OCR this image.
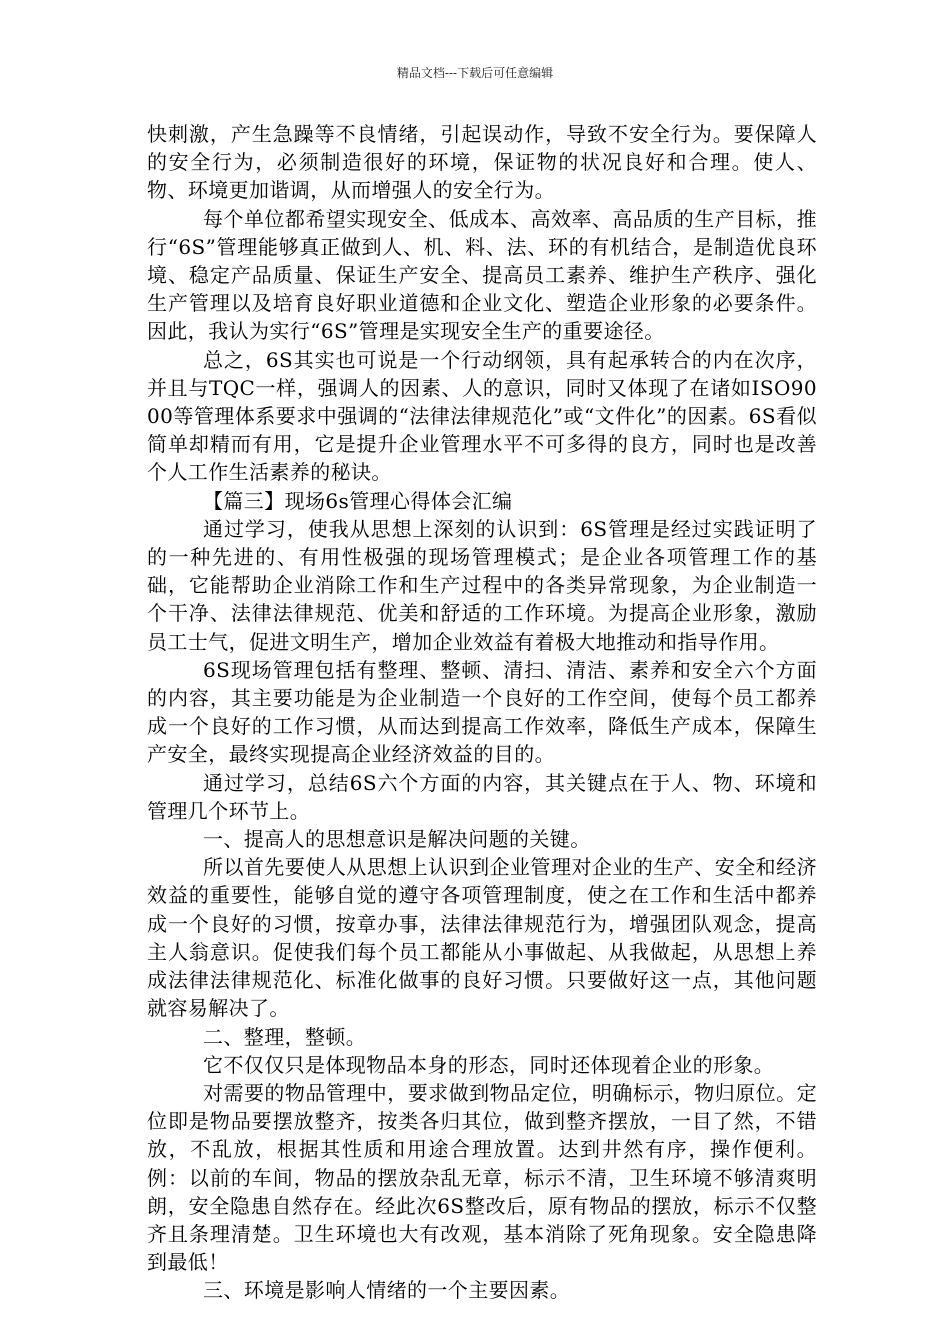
精品文档---下载后可任意编辑

快刺激，产生急躁等不良情绪，引起误动作，导致不安全行为。要保障人的安全行为，必须制造很好的环境，保证物的状况良好和合理。使人、物、环境更加谐调，从而增强人的安全行为。

每个单位都希望实现安全、低成本、高效率、高品质的生产目标，推行“6S”管理能够真正做到人、机、料、法、环的有机结合，是制造优良环境、稳定产品质量、保证生产安全、提高员工素养、维护生产秩序、强化生产管理以及培育良好职业道德和企业文化、塑造企业形象的必要条件。因此，我认为实行“6S”管理是实现安全生产的重要途径。

总之，6S其实也可说是一个行动纲领，具有起承转合的内在次序，并且与TQC一样，强调人的因素、人的意识，同时又体现了在诸如ISO9000等管理体系要求中强调的“法律法律规范化”或“文件化”的因素。6S看似简单却精而有用，它是提升企业管理水平不可多得的良方，同时也是改善个人工作生活素养的秘诀。

【篇三】现场6s管理心得体会汇编

通过学习，使我从思想上深刻的认识到：6S管理是经过实践证明了的一种先进的、有用性极强的现场管理模式；是企业各项管理工作的基础，它能帮助企业消除工作和生产过程中的各类异常现象，为企业制造一个干净、法律法律规范、优美和舒适的工作环境。为提高企业形象，激励员工士气，促进文明生产，增加企业效益有着极大地推动和指导作用。

6S现场管理包括有整理、整顿、清扫、清洁、素养和安全六个方面的内容，其主要功能是为企业制造一个良好的工作空间，使每个员工都养成一个良好的工作习惯，从而达到提高工作效率，降低生产成本，保障生产安全，最终实现提高企业经济效益的目的。

通过学习，总结6S六个方面的内容，其关键点在于人、物、环境和管理几个环节上。

一、提高人的思想意识是解决问题的关键。

所以首先要使人从思想上认识到企业管理对企业的生产、安全和经济效益的重要性，能够自觉的遵守各项管理制度，使之在工作和生活中都养成一个良好的习惯，按章办事，法律法律规范行为，增强团队观念，提高主人翁意识。促使我们每个员工都能从小事做起、从我做起，从思想上养成法律法律规范化、标准化做事的良好习惯。只要做好这一点，其他问题就容易解决了。

二、整理，整顿。

它不仅仅只是体现物品本身的形态，同时还体现着企业的形象。

对需要的物品管理中，要求做到物品定位，明确标示，物归原位。定位即是物品要摆放整齐，按类各归其位，做到整齐摆放，一目了然，不错放，不乱放，根据其性质和用途合理放置。达到井然有序，操作便利。例：以前的车间，物品的摆放杂乱无章，标示不清，卫生环境不够清爽明朗，安全隐患自然存在。经此次6S整改后，原有物品的摆放，标示不仅整齐且条理清楚。卫生环境也大有改观，基本消除了死角现象。安全隐患降到最低！

三、环境是影响人情绪的一个主要因素。
